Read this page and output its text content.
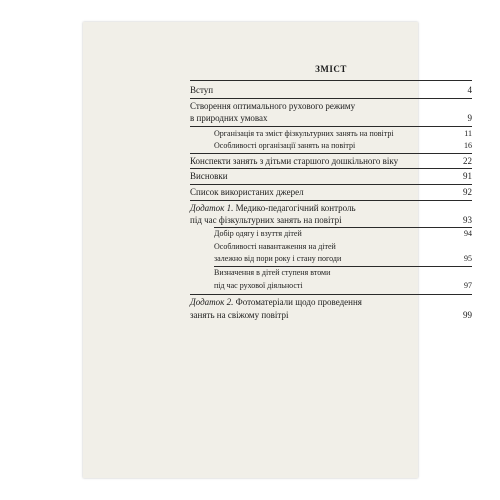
ЗМІСТ
Вступ	4
Створення оптимального рухового режиму
в природних умовах	9
Організація та зміст фізкультурних занять на повітрі	11
Особливості організації занять на повітрі	16
Конспекти занять з дітьми старшого дошкільного віку	22
Висновки	91
Список використаних джерел	92
Додаток 1. Медико-педагогічний контроль
під час фізкультурних занять на повітрі	93
Добір одягу і взуття дітей	94
Особливості навантаження на дітей
залежно від пори року і стану погоди	95
Визначення в дітей ступеня втоми
під час рухової діяльності	97
Додаток 2. Фотоматеріали щодо проведення
занять на свіжому повітрі	99
